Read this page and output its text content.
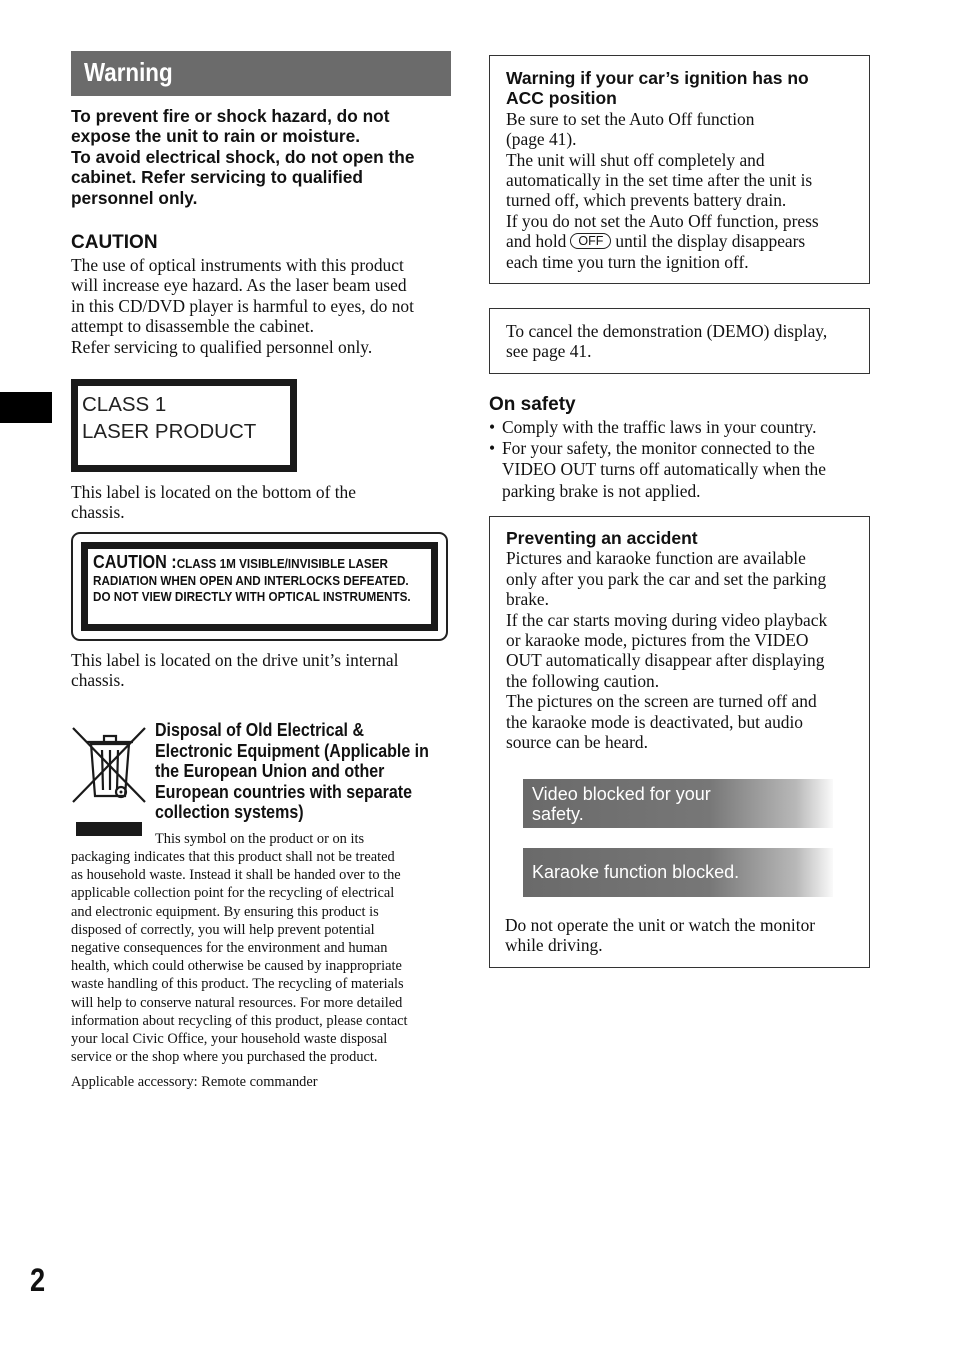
Warning
To prevent fire or shock hazard, do not
expose the unit to rain or moisture.
To avoid electrical shock, do not open the
cabinet. Refer servicing to qualified
personnel only.
CAUTION
The use of optical instruments with this product
will increase eye hazard. As the laser beam used
in this CD/DVD player is harmful to eyes, do not
attempt to disassemble the cabinet.
Refer servicing to qualified personnel only.
CLASS 1
LASER PRODUCT
This label is located on the bottom of the
chassis.
CAUTION :CLASS 1M VISIBLE/INVISIBLE LASER
RADIATION WHEN OPEN AND INTERLOCKS DEFEATED.
DO NOT VIEW DIRECTLY WITH OPTICAL INSTRUMENTS.
This label is located on the drive unit’s internal
chassis.
Disposal of Old Electrical &
Electronic Equipment (Applicable in
the European Union and other
European countries with separate
collection systems)
This symbol on the product or on its
packaging indicates that this product shall not be treated
as household waste. Instead it shall be handed over to the
applicable collection point for the recycling of electrical
and electronic equipment. By ensuring this product is
disposed of correctly, you will help prevent potential
negative consequences for the environment and human
health, which could otherwise be caused by inappropriate
waste handling of this product. The recycling of materials
will help to conserve natural resources. For more detailed
information about recycling of this product, please contact
your local Civic Office, your household waste disposal
service or the shop where you purchased the product.
Applicable accessory: Remote commander
Warning if your car’s ignition has no
ACC position
Be sure to set the Auto Off function
(page 41).
The unit will shut off completely and
automatically in the set time after the unit is
turned off, which prevents battery drain.
If you do not set the Auto Off function, press
and hold OFF until the display disappears
each time you turn the ignition off.
To cancel the demonstration (DEMO) display,
see page 41.
On safety
• Comply with the traffic laws in your country.
• For your safety, the monitor connected to the
VIDEO OUT turns off automatically when the
parking brake is not applied.
Preventing an accident
Pictures and karaoke function are available
only after you park the car and set the parking
brake.
If the car starts moving during video playback
or karaoke mode, pictures from the VIDEO
OUT automatically disappear after displaying
the following caution.
The pictures on the screen are turned off and
the karaoke mode is deactivated, but audio
source can be heard.
Video blocked for your
safety.
Karaoke function blocked.
Do not operate the unit or watch the monitor
while driving.
2
